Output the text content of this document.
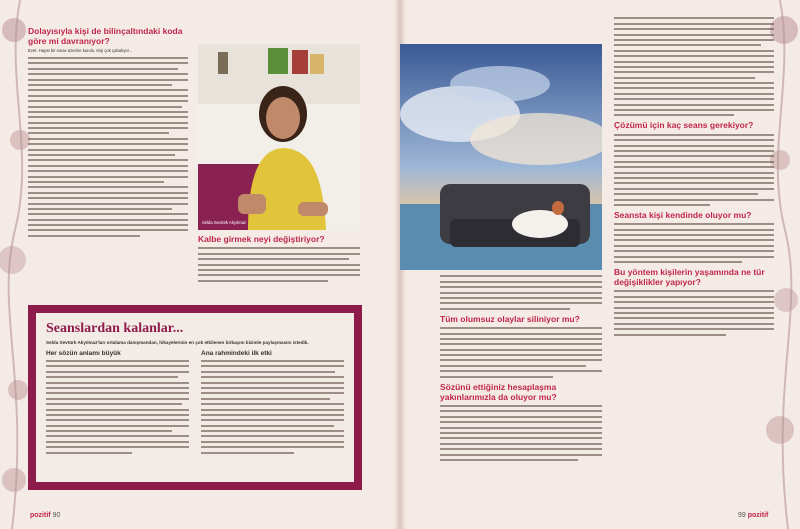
Dolayısıyla kişi de bilinçaltındaki koda göre mi davranıyor?
Evet. Hayat bir sınav üzerine kurulu. Kişi çok çabalıyor...
Selda Sevtürk Akyılmaz
Kalbe girmek neyi değiştiriyor?
Seanslardan kalanlar...
Selda Sevtürk Akyılmaz'ları ortalama danışmandan, hikayelerinin en çok etkilenen birkaçını bizimle paylaşmasını istedik.
Her sözün anlamı büyük	Ana rahmindeki ilk etki
pozitif 90
Tüm olumsuz olaylar siliniyor mu?
Sözünü ettiğiniz hesaplaşma yakınlarımızla da oluyor mu?
Çözümü için kaç seans gerekiyor?
Seansta kişi kendinde oluyor mu?
Bu yöntem kişilerin yaşamında ne tür değişiklikler yapıyor?
99 pozitif
